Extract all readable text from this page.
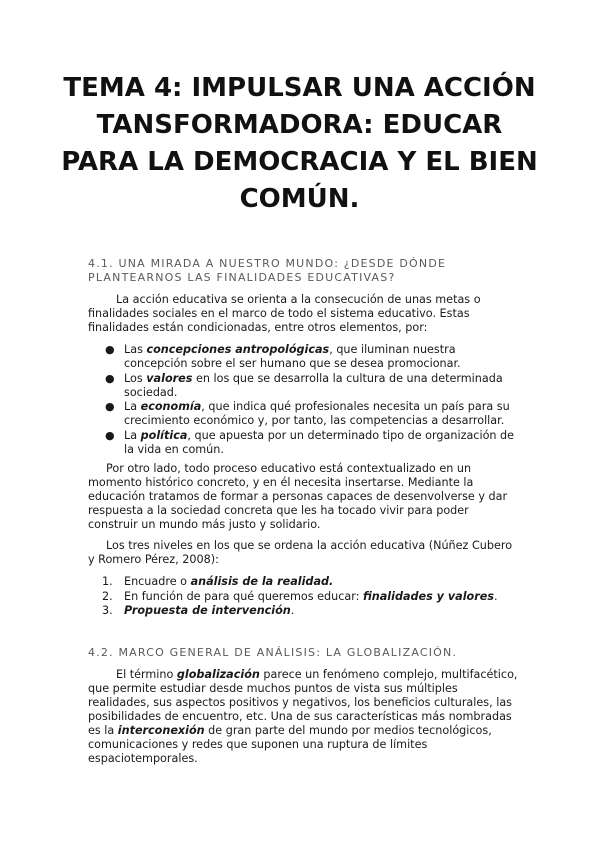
TEMA 4: IMPULSAR UNA ACCIÓN TANSFORMADORA: EDUCAR PARA LA DEMOCRACIA Y EL BIEN COMÚN.
4.1. UNA MIRADA A NUESTRO MUNDO: ¿DESDE DÓNDE PLANTEARNOS LAS FINALIDADES EDUCATIVAS?

La acción educativa se orienta a la consecución de unas metas o finalidades sociales en el marco de todo el sistema educativo. Estas finalidades están condicionadas, entre otros elementos, por:

● Las concepciones antropológicas, que iluminan nuestra concepción sobre el ser humano que se desea promocionar.
● Los valores en los que se desarrolla la cultura de una determinada sociedad.
● La economía, que indica qué profesionales necesita un país para su crecimiento económico y, por tanto, las competencias a desarrollar.
● La política, que apuesta por un determinado tipo de organización de la vida en común.

Por otro lado, todo proceso educativo está contextualizado en un momento histórico concreto, y en él necesita insertarse. Mediante la educación tratamos de formar a personas capaces de desenvolverse y dar respuesta a la sociedad concreta que les ha tocado vivir para poder construir un mundo más justo y solidario.

Los tres niveles en los que se ordena la acción educativa (Núñez Cubero y Romero Pérez, 2008):

1. Encuadre o análisis de la realidad.
2. En función de para qué queremos educar: finalidades y valores.
3. Propuesta de intervención.
4.2. MARCO GENERAL DE ANÁLISIS: LA GLOBALIZACIÓN.

El término globalización parece un fenómeno complejo, multifacético, que permite estudiar desde muchos puntos de vista sus múltiples realidades, sus aspectos positivos y negativos, los beneficios culturales, las posibilidades de encuentro, etc. Una de sus características más nombradas es la interconexión de gran parte del mundo por medios tecnológicos, comunicaciones y redes que suponen una ruptura de límites espaciotemporales.
